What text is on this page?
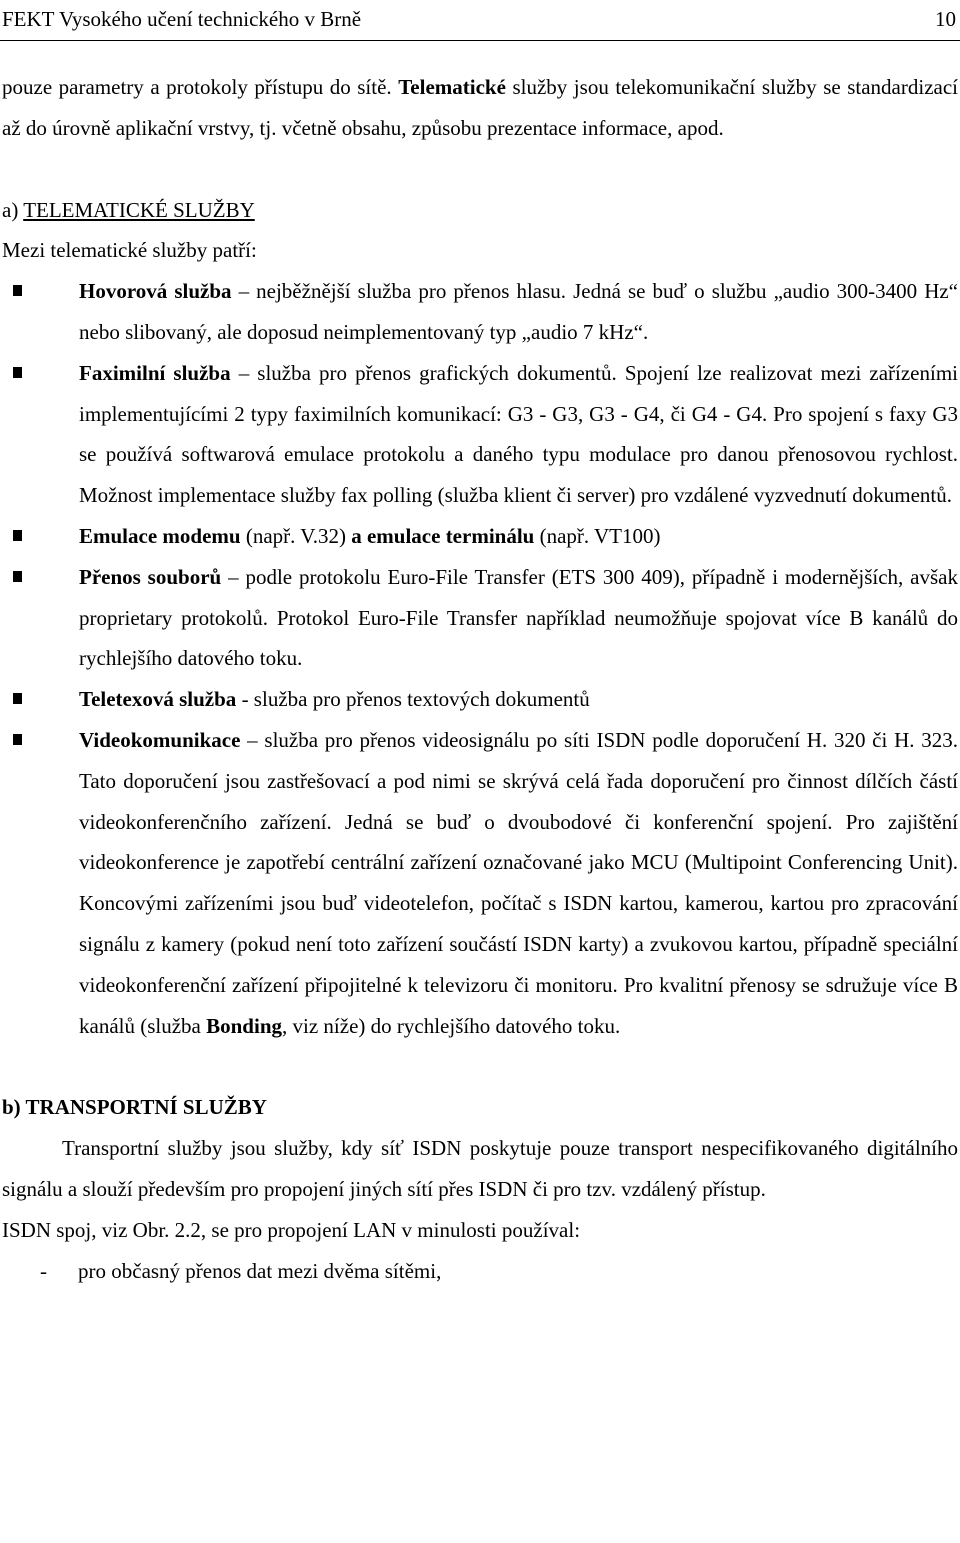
FEKT Vysokého učení technického v Brně	10

pouze parametry a protokoly přístupu do sítě. Telematické služby jsou telekomunikační služby se standardizací až do úrovně aplikační vrstvy, tj. včetně obsahu, způsobu prezentace informace, apod.

a) TELEMATICKÉ SLUŽBY

Mezi telematické služby patří:

Hovorová služba – nejběžnější služba pro přenos hlasu. Jedná se buď o službu „audio 300-3400 Hz“ nebo slibovaný, ale doposud neimplementovaný typ „audio 7 kHz“.
Faximilní služba – služba pro přenos grafických dokumentů. Spojení lze realizovat mezi zařízeními implementujícími 2 typy faximilních komunikací: G3 - G3, G3 - G4, či G4 - G4. Pro spojení s faxy G3 se používá softwarová emulace protokolu a daného typu modulace pro danou přenosovou rychlost. Možnost implementace služby fax polling (služba klient či server) pro vzdálené vyzvednutí dokumentů.
Emulace modemu (např. V.32) a emulace terminálu (např. VT100)
Přenos souborů – podle protokolu Euro-File Transfer (ETS 300 409), případně i modernějších, avšak proprietary protokolů. Protokol Euro-File Transfer například neumožňuje spojovat více B kanálů do rychlejšího datového toku.
Teletexová služba - služba pro přenos textových dokumentů
Videokomunikace – služba pro přenos videosignálu po síti ISDN podle doporučení H. 320 či H. 323. Tato doporučení jsou zastřešovací a pod nimi se skrývá celá řada doporučení pro činnost dílčích částí videokonferenčního zařízení. Jedná se buď o dvoubodové či konferenční spojení. Pro zajištění videokonference je zapotřebí centrální zařízení označované jako MCU (Multipoint Conferencing Unit). Koncovými zařízeními jsou buď videotelefon, počítač s ISDN kartou, kamerou, kartou pro zpracování signálu z kamery (pokud není toto zařízení součástí ISDN karty) a zvukovou kartou, případně speciální videokonferenční zařízení připojitelné k televizoru či monitoru. Pro kvalitní přenosy se sdružuje více B kanálů (služba Bonding, viz níže) do rychlejšího datového toku.

b) TRANSPORTNÍ SLUŽBY

Transportní služby jsou služby, kdy síť ISDN poskytuje pouze transport nespecifikovaného digitálního signálu a slouží především pro propojení jiných sítí přes ISDN či pro tzv. vzdálený přístup.

ISDN spoj, viz Obr. 2.2, se pro propojení LAN v minulosti používal:

- pro občasný přenos dat mezi dvěma sítěmi,
